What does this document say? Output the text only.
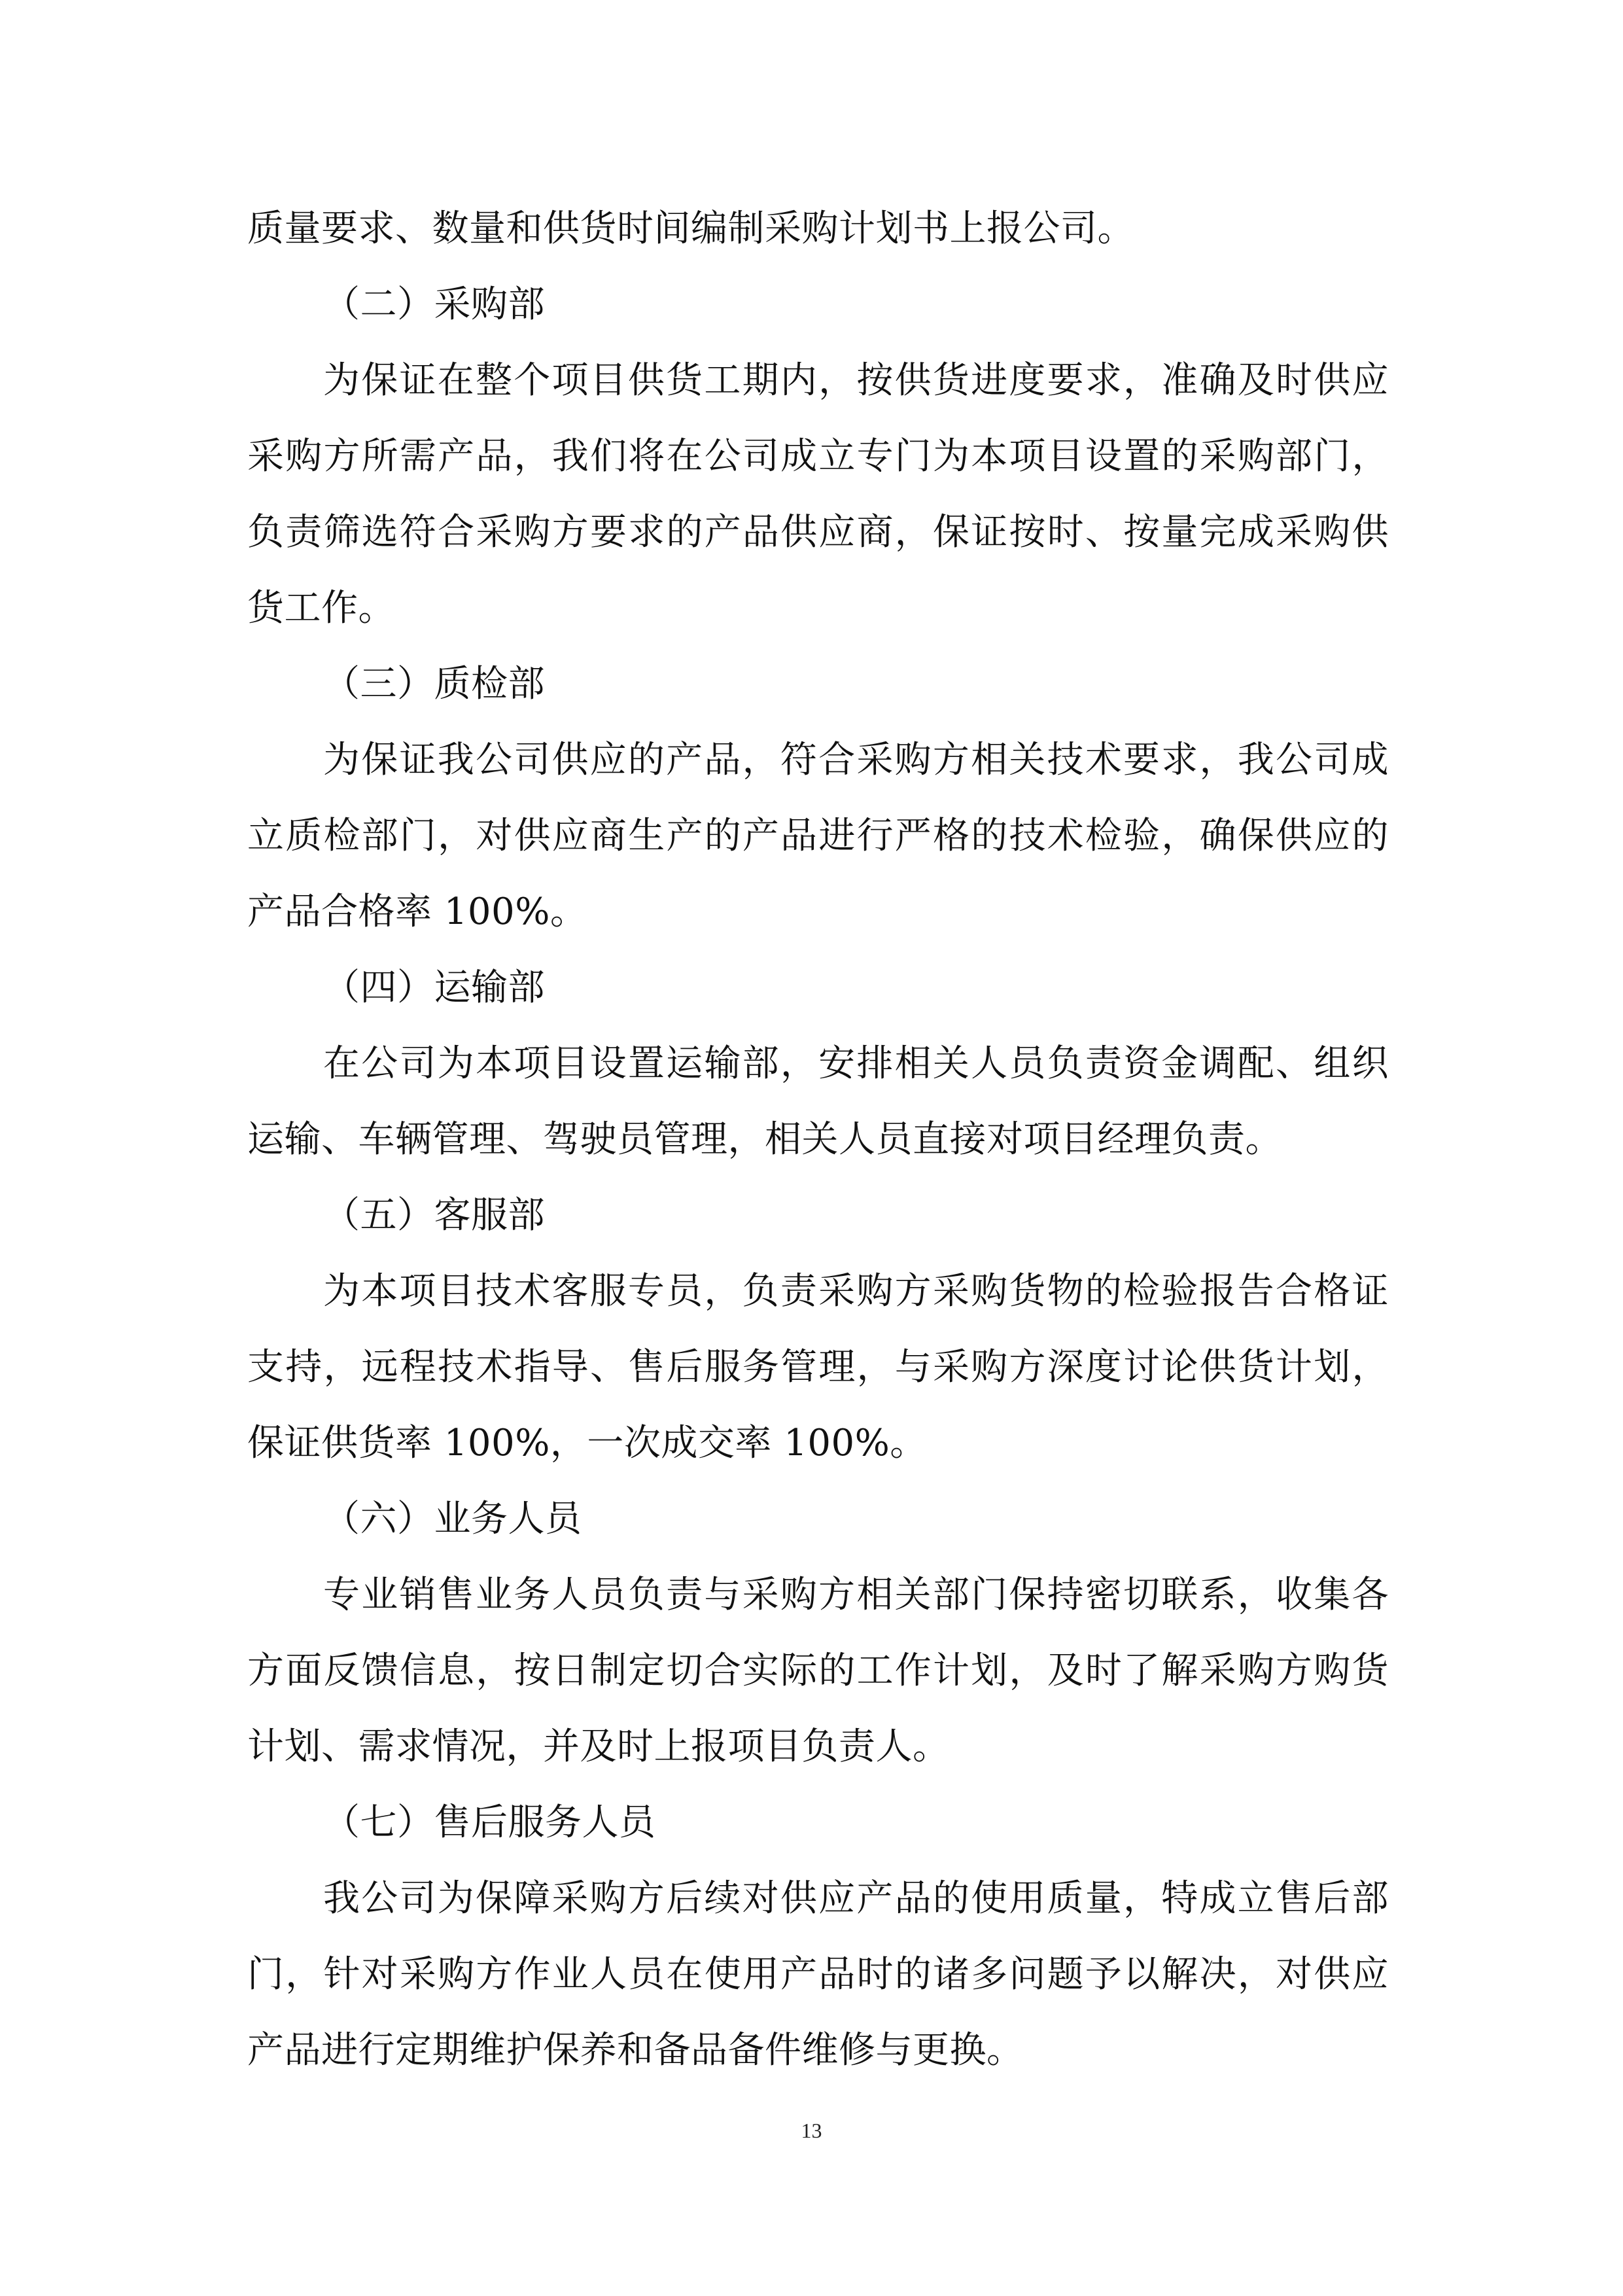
质量要求、数量和供货时间编制采购计划书上报公司。

（二）采购部

为保证在整个项目供货工期内，按供货进度要求，准确及时供应采购方所需产品，我们将在公司成立专门为本项目设置的采购部门，负责筛选符合采购方要求的产品供应商，保证按时、按量完成采购供货工作。

（三）质检部

为保证我公司供应的产品，符合采购方相关技术要求，我公司成立质检部门，对供应商生产的产品进行严格的技术检验，确保供应的产品合格率 100%。

（四）运输部

在公司为本项目设置运输部，安排相关人员负责资金调配、组织运输、车辆管理、驾驶员管理，相关人员直接对项目经理负责。

（五）客服部

为本项目技术客服专员，负责采购方采购货物的检验报告合格证支持，远程技术指导、售后服务管理，与采购方深度讨论供货计划，保证供货率 100%，一次成交率 100%。

（六）业务人员

专业销售业务人员负责与采购方相关部门保持密切联系，收集各方面反馈信息，按日制定切合实际的工作计划，及时了解采购方购货计划、需求情况，并及时上报项目负责人。

（七）售后服务人员

我公司为保障采购方后续对供应产品的使用质量，特成立售后部门，针对采购方作业人员在使用产品时的诸多问题予以解决，对供应产品进行定期维护保养和备品备件维修与更换。

13
